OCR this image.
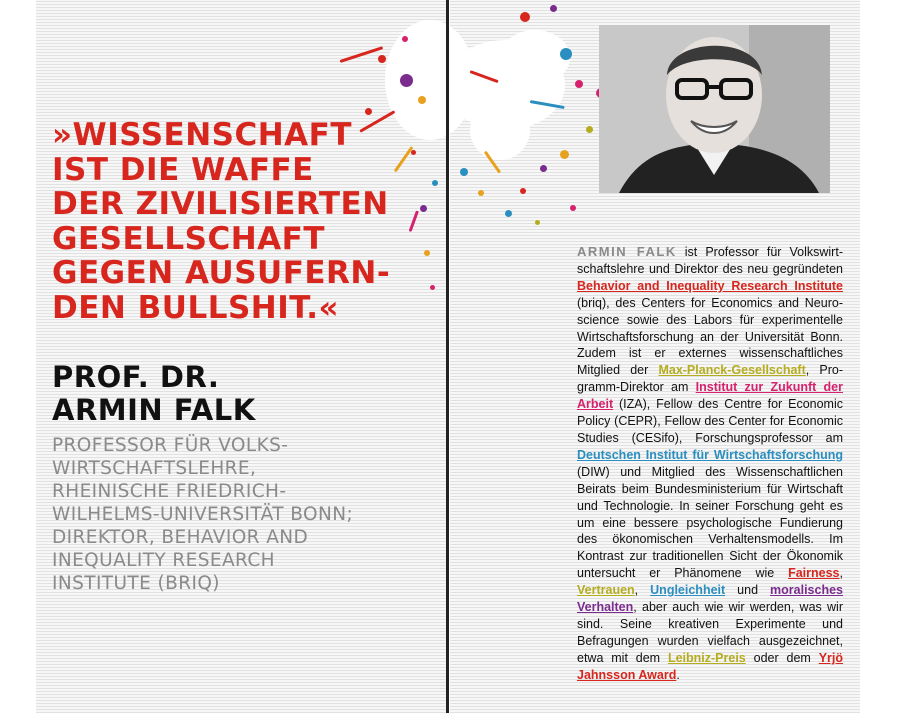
»WISSENSCHAFT
IST DIE WAFFE
DER ZIVILISIERTEN
GESELLSCHAFT
GEGEN AUSUFERN-
DEN BULLSHIT.«

PROF. DR.
ARMIN FALK

PROFESSOR FÜR VOLKS-
WIRTSCHAFTSLEHRE,
RHEINISCHE FRIEDRICH-
WILHELMS-UNIVERSITÄT BONN;
DIREKTOR, BEHAVIOR AND
INEQUALITY RESEARCH
INSTITUTE (BRIQ)

ARMIN FALK ist Professor für Volkswirtschaftslehre und Direktor des neu gegründeten Behavior and Inequality Research Institute (briq), des Centers for Economics and Neuroscience sowie des Labors für experimentelle Wirtschaftsforschung an der Universität Bonn. Zudem ist er externes wissenschaftliches Mitglied der Max-Planck-Gesellschaft, Programm-Direktor am Institut zur Zukunft der Arbeit (IZA), Fellow des Centre for Economic Policy (CEPR), Fellow des Center for Economic Studies (CESifo), Forschungsprofessor am Deutschen Institut für Wirtschaftsforschung (DIW) und Mitglied des Wissenschaftlichen Beirats beim Bundesministerium für Wirtschaft und Technologie. In seiner Forschung geht es um eine bessere psychologische Fundierung des ökonomischen Verhaltensmodells. Im Kontrast zur traditionellen Sicht der Ökonomik untersucht er Phänomene wie Fairness, Vertrauen, Ungleichheit und moralisches Verhalten, aber auch wie wir werden, was wir sind. Seine kreativen Experimente und Befragungen wurden vielfach ausgezeichnet, etwa mit dem Leibniz-Preis oder dem Yrjö Jahnsson Award.
